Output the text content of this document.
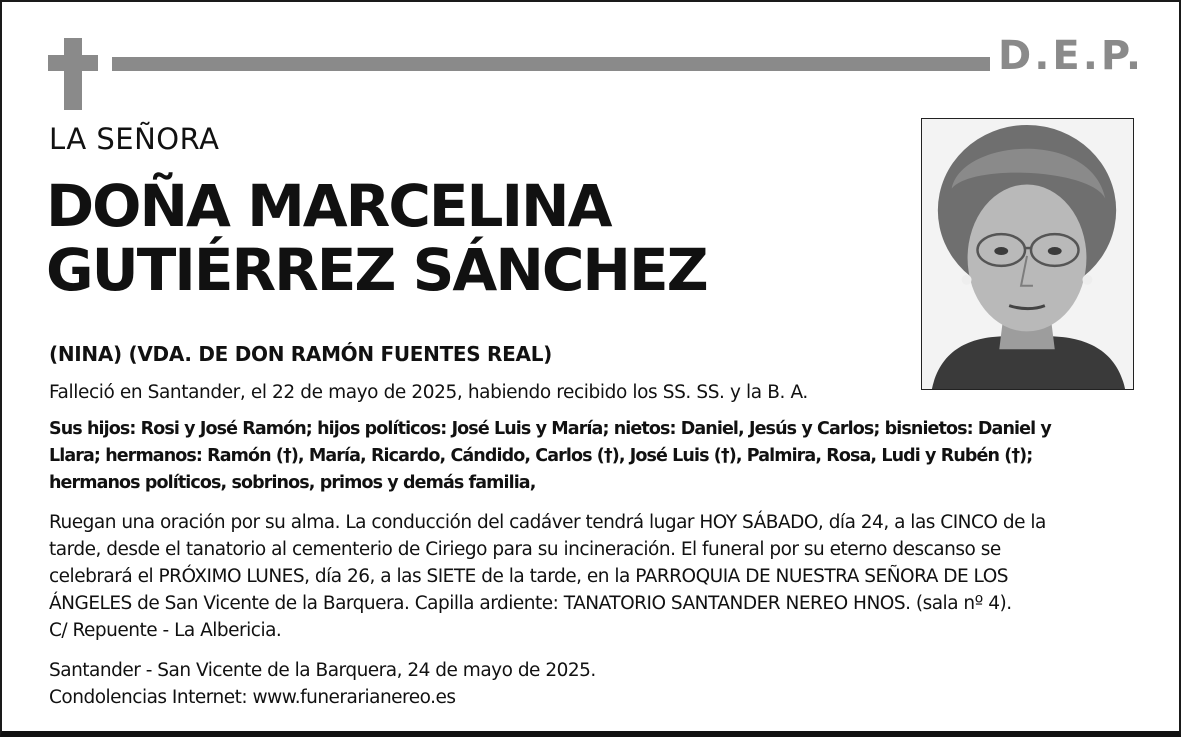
D.E.P.
LA SEÑORA
DOÑA MARCELINA
GUTIÉRREZ SÁNCHEZ
(NINA) (VDA. DE DON RAMÓN FUENTES REAL)
Falleció en Santander, el 22 de mayo de 2025, habiendo recibido los SS. SS. y la B. A.
Sus hijos: Rosi y José Ramón; hijos políticos: José Luis y María; nietos: Daniel, Jesús y Carlos; bisnietos: Daniel y
Llara; hermanos: Ramón (†), María, Ricardo, Cándido, Carlos (†), José Luis (†), Palmira, Rosa, Ludi y Rubén (†);
hermanos políticos, sobrinos, primos y demás familia,
Ruegan una oración por su alma. La conducción del cadáver tendrá lugar HOY SÁBADO, día 24, a las CINCO de la
tarde, desde el tanatorio al cementerio de Ciriego para su incineración. El funeral por su eterno descanso se
celebrará el PRÓXIMO LUNES, día 26, a las SIETE de la tarde, en la PARROQUIA DE NUESTRA SEÑORA DE LOS
ÁNGELES de San Vicente de la Barquera. Capilla ardiente: TANATORIO SANTANDER NEREO HNOS. (sala nº 4).
C/ Repuente - La Albericia.
Santander - San Vicente de la Barquera, 24 de mayo de 2025.
Condolencias Internet: www.funerarianereo.es
